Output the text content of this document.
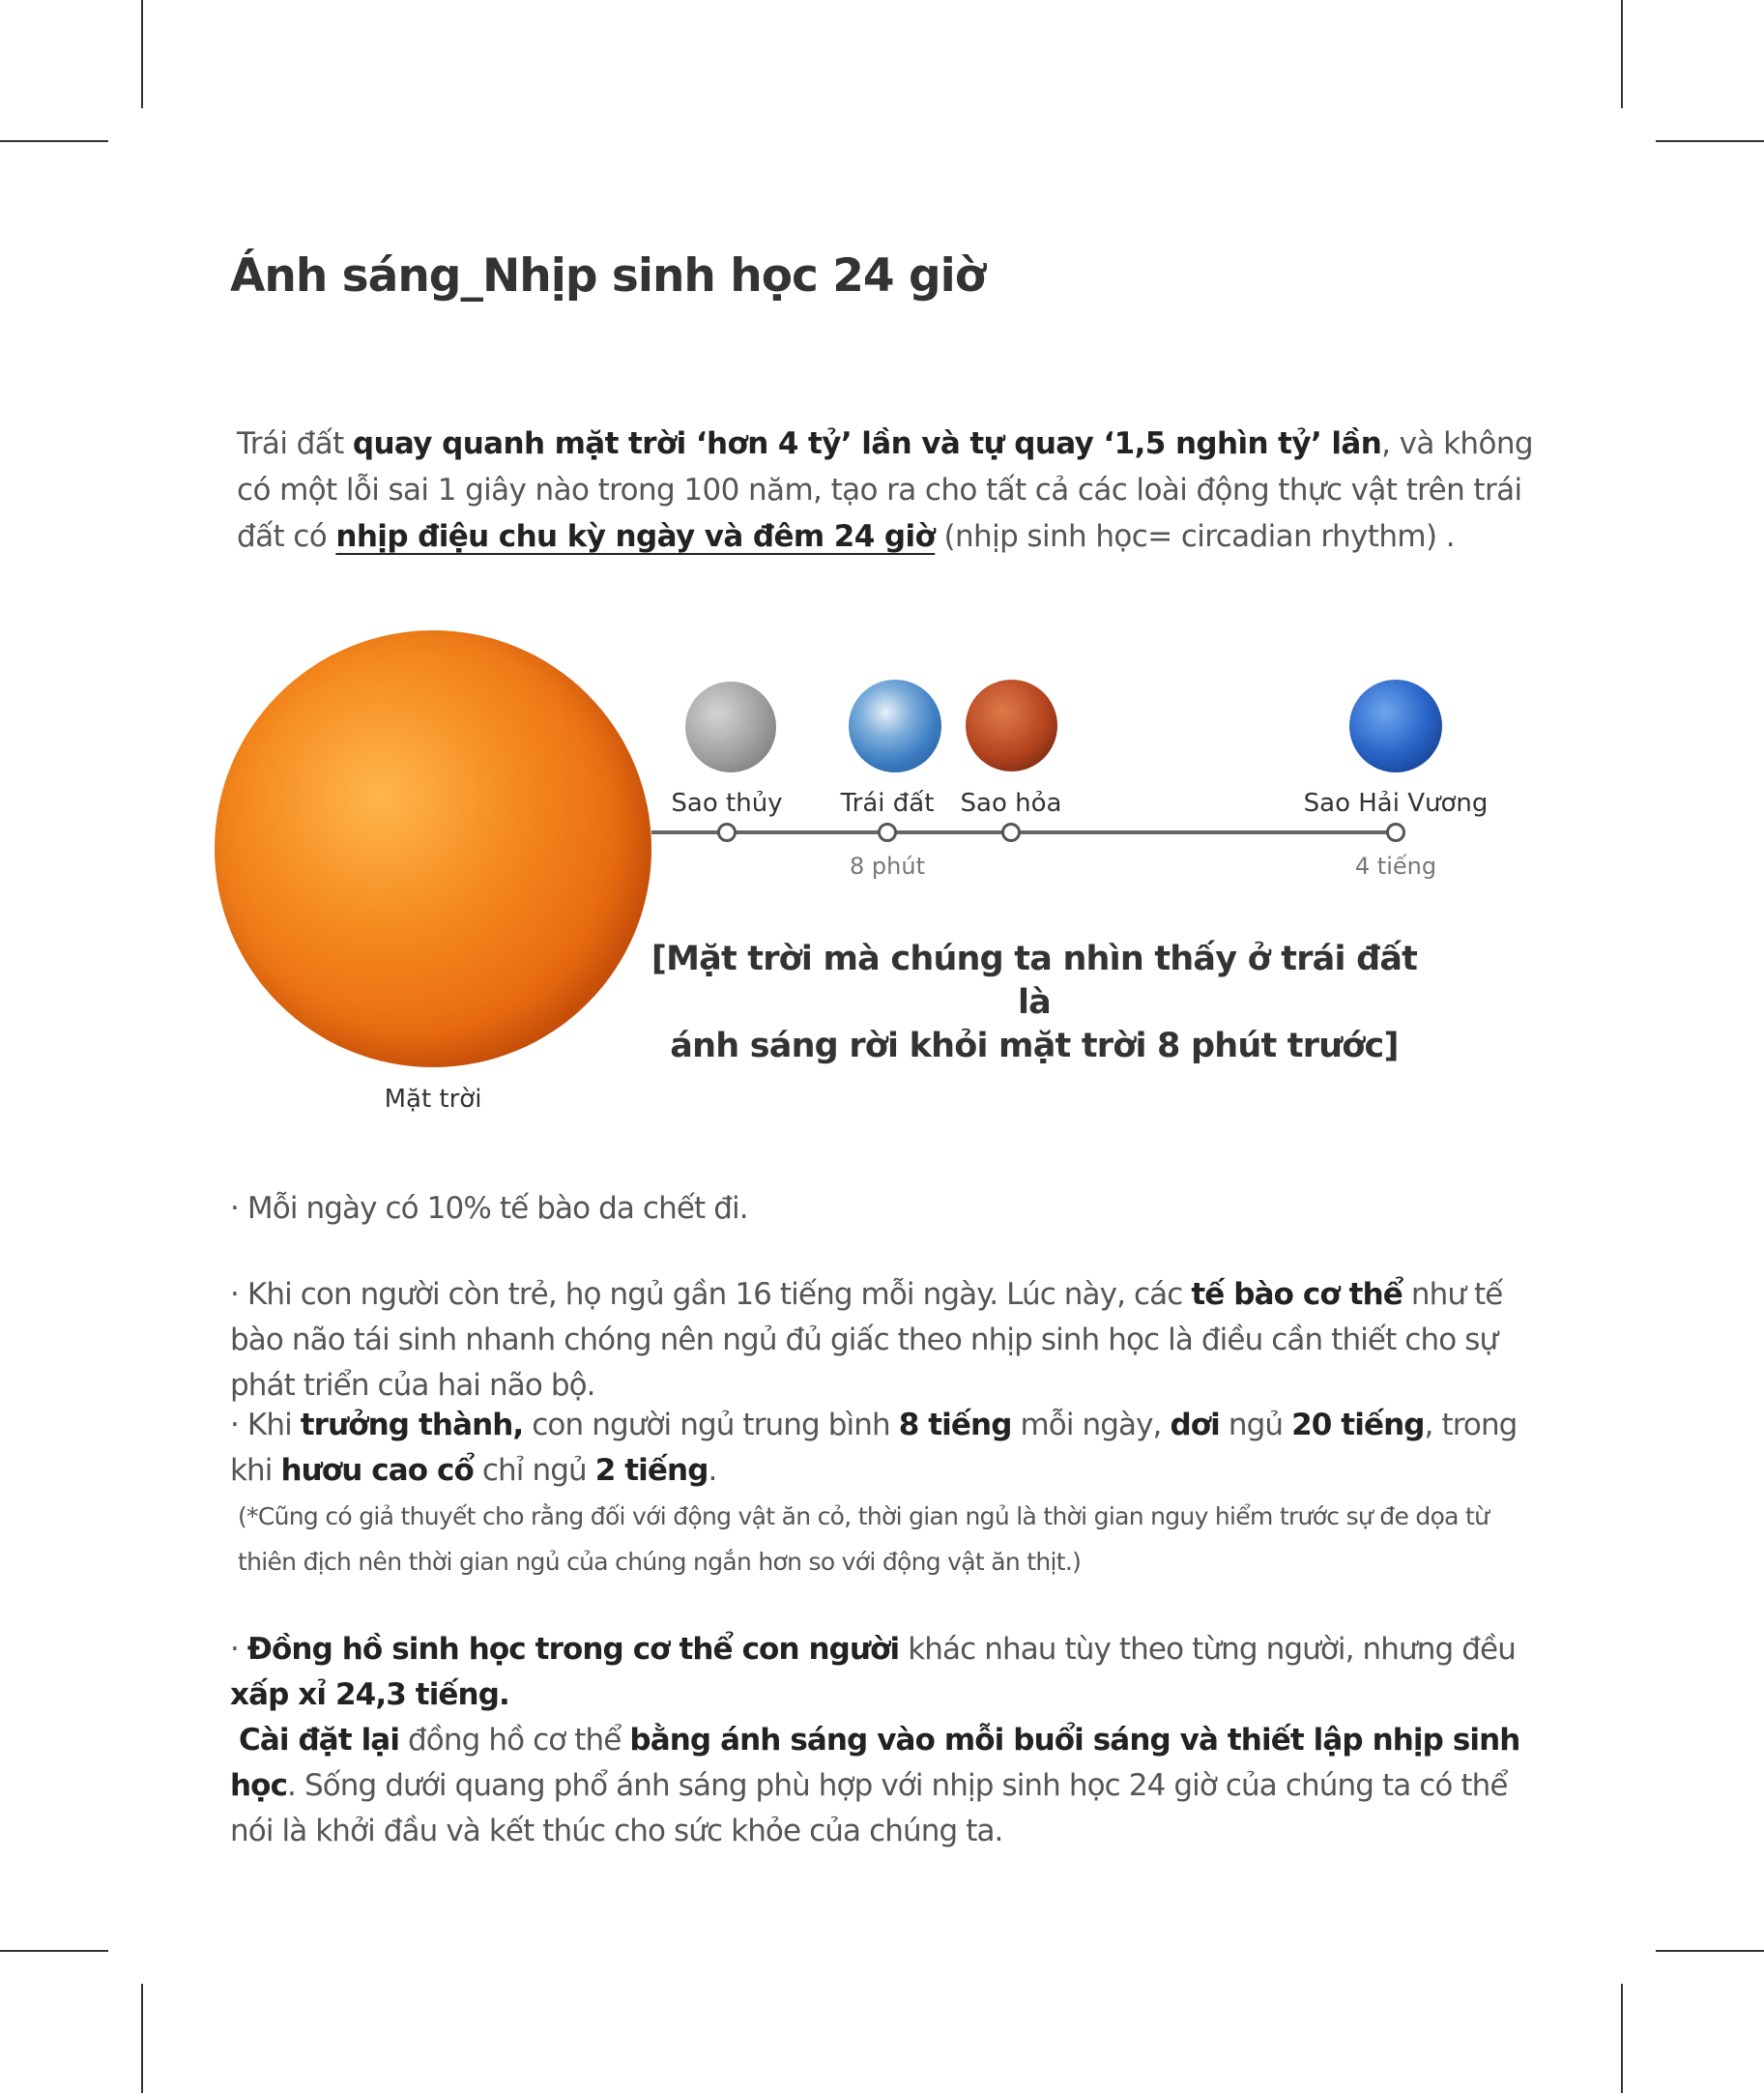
Ánh sáng_Nhịp sinh học 24 giờ
Trái đất quay quanh mặt trời ‘hơn 4 tỷ’ lần và tự quay ‘1,5 nghìn tỷ’ lần, và không có một lỗi sai 1 giây nào trong 100 năm, tạo ra cho tất cả các loài động thực vật trên trái đất có nhịp điệu chu kỳ ngày và đêm 24 giờ (nhịp sinh học= circadian rhythm) .
Mặt trời
Sao thủy Trái đất Sao hỏa	Sao Hải Vương
8 phút	4 tiếng
[Mặt trời mà chúng ta nhìn thấy ở trái đất là
ánh sáng rời khỏi mặt trời 8 phút trước]
· Mỗi ngày có 10% tế bào da chết đi.
· Khi con người còn trẻ, họ ngủ gần 16 tiếng mỗi ngày. Lúc này, các tế bào cơ thể như tế bào não tái sinh nhanh chóng nên ngủ đủ giấc theo nhịp sinh học là điều cần thiết cho sự phát triển của hai não bộ.
· Khi trưởng thành, con người ngủ trung bình 8 tiếng mỗi ngày, dơi ngủ 20 tiếng, trong khi hươu cao cổ chỉ ngủ 2 tiếng.
(*Cũng có giả thuyết cho rằng đối với động vật ăn cỏ, thời gian ngủ là thời gian nguy hiểm trước sự đe dọa từ thiên địch nên thời gian ngủ của chúng ngắn hơn so với động vật ăn thịt.)
· Đồng hồ sinh học trong cơ thể con người khác nhau tùy theo từng người, nhưng đều xấp xỉ 24,3 tiếng.
Cài đặt lại đồng hồ cơ thể bằng ánh sáng vào mỗi buổi sáng và thiết lập nhịp sinh học. Sống dưới quang phổ ánh sáng phù hợp với nhịp sinh học 24 giờ của chúng ta có thể nói là khởi đầu và kết thúc cho sức khỏe của chúng ta.
